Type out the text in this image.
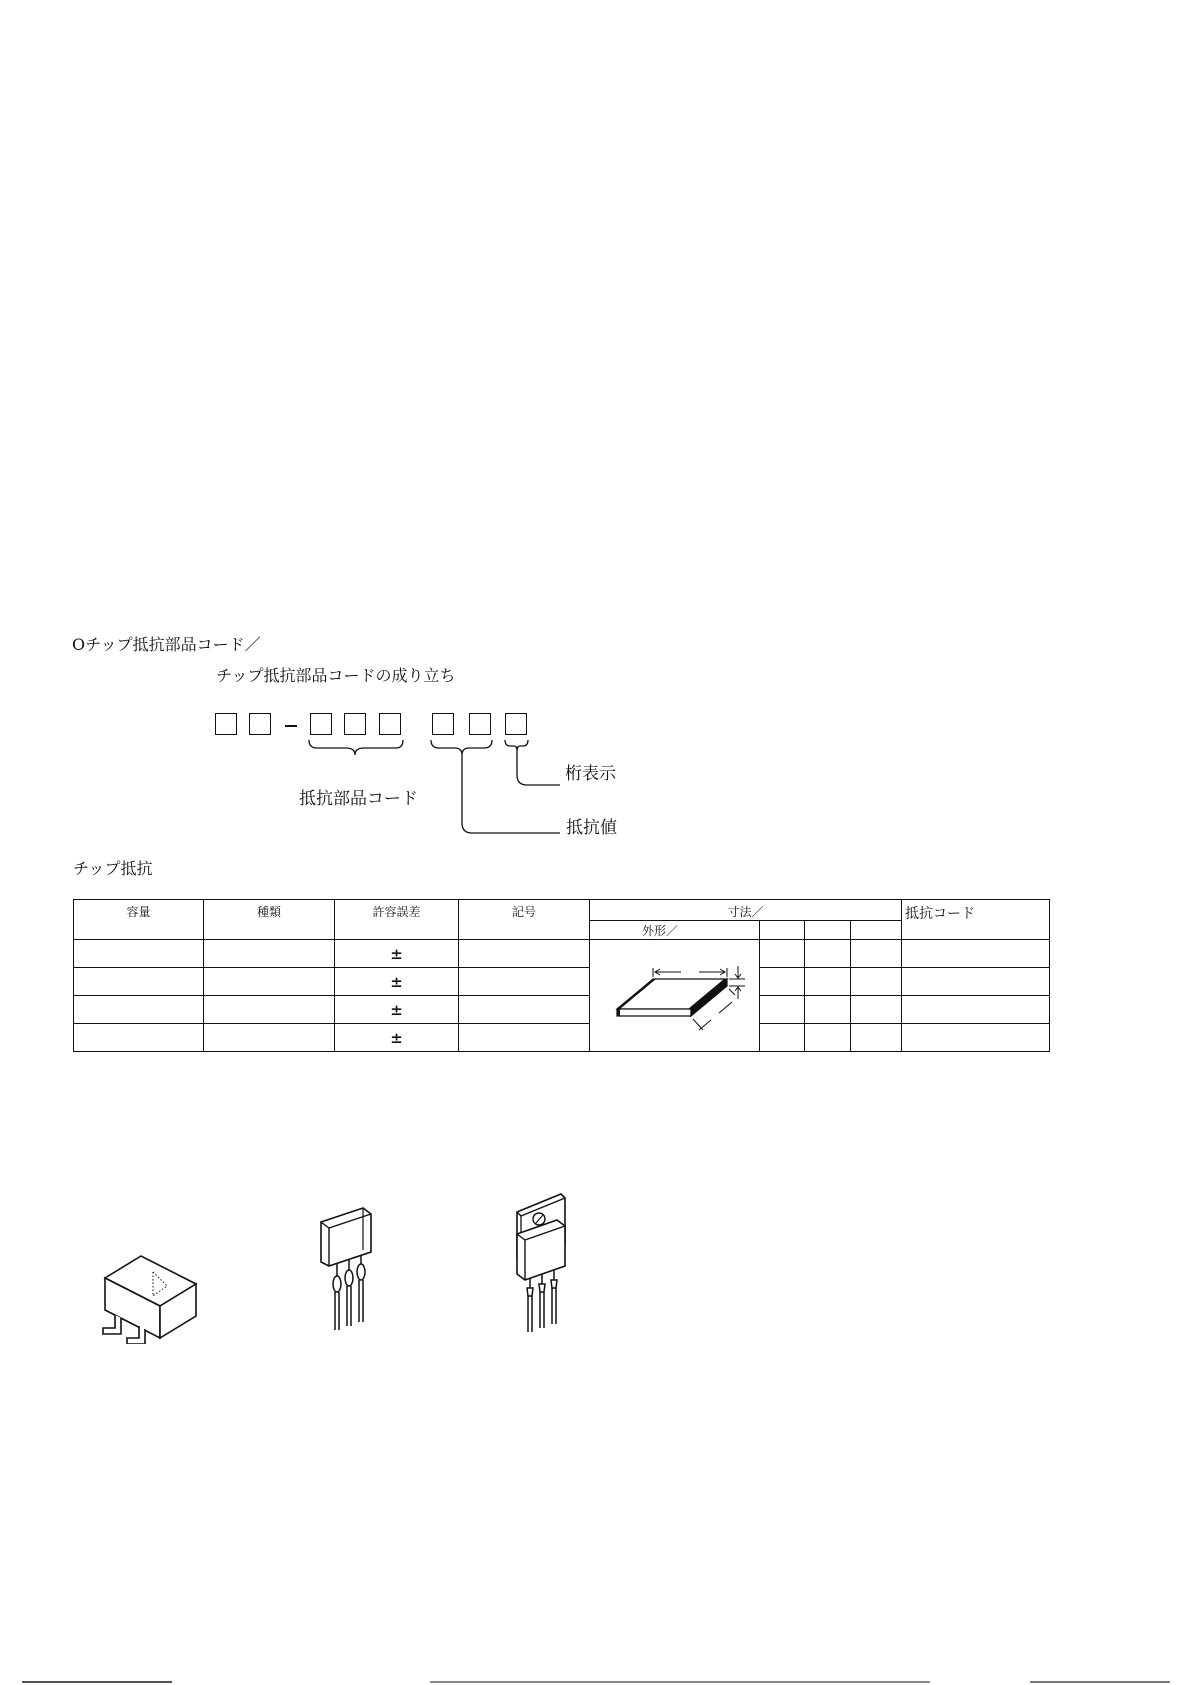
Oチップ抵抗部品コード／
チップ抵抗部品コードの成り立ち
桁表示
抵抗値
抵抗部品コード
チップ抵抗
容量	種類	許容誤差	記号	寸法／				抵抗コード

				外形／				

		±						
		±						
		±						
		±						
